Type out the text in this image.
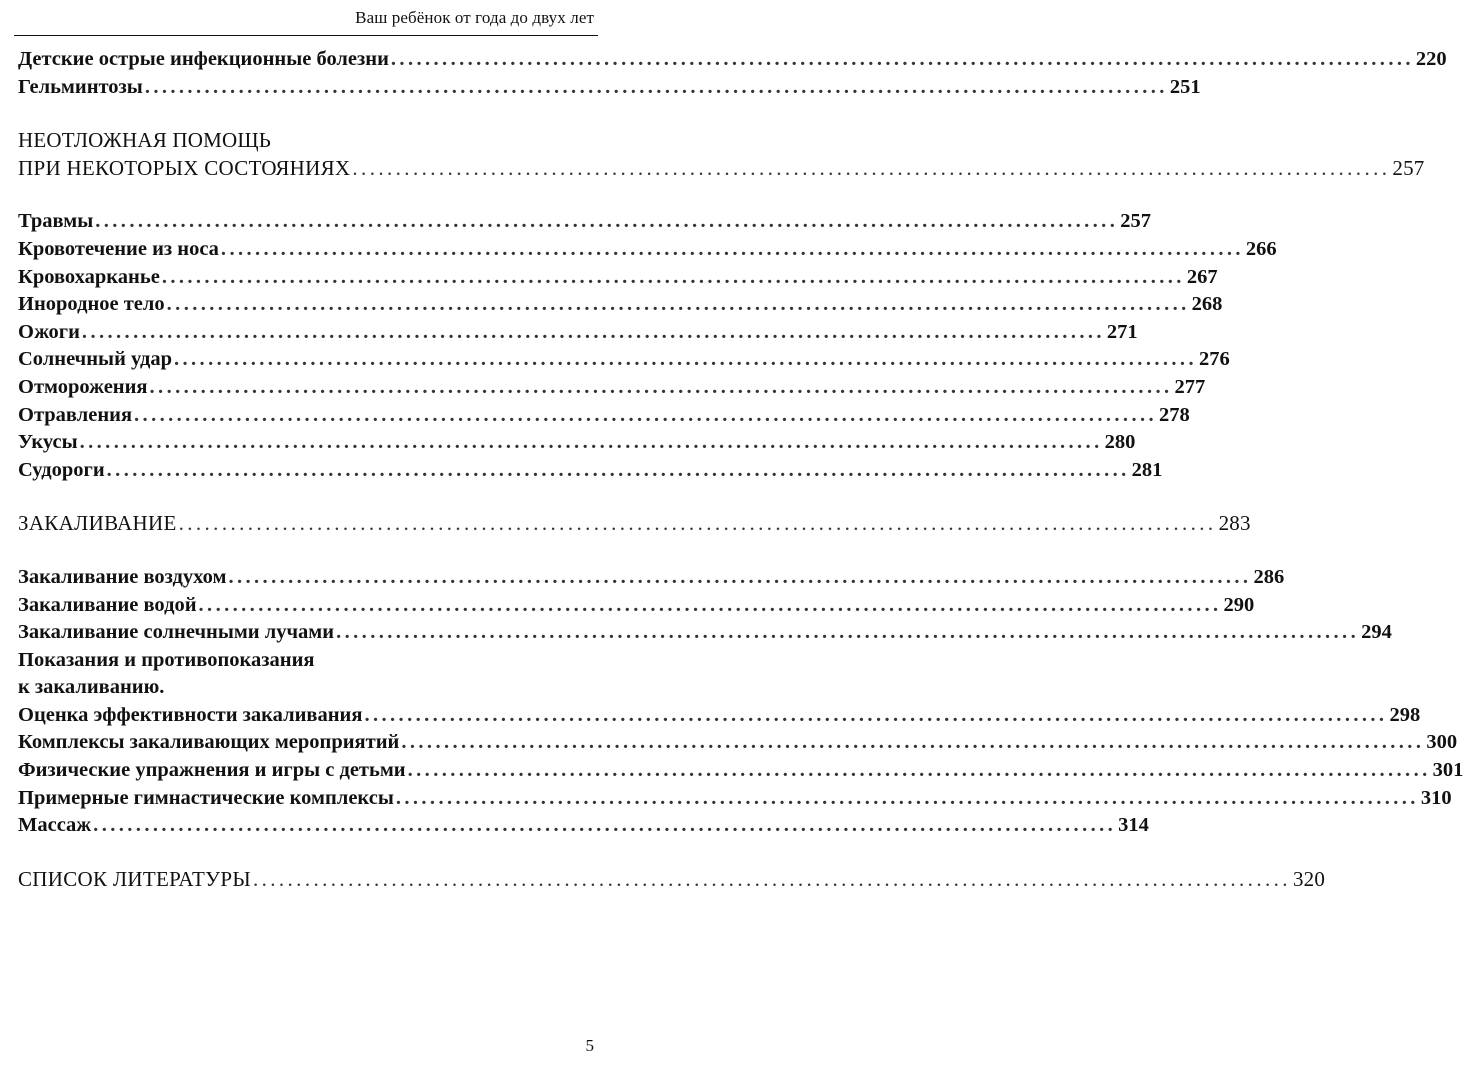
Ваш ребёнок от года до двух лет
Детские острые инфекционные болезни ........................................................................................................................ 220
Гельминтозы ........................................................................................................................ 251
НЕОТЛОЖНАЯ ПОМОЩЬ
ПРИ НЕКОТОРЫХ СОСТОЯНИЯХ ........................................................................................................................ 257
Травмы ........................................................................................................................ 257
Кровотечение из носа ........................................................................................................................ 266
Кровохарканье ........................................................................................................................ 267
Инородное тело ........................................................................................................................ 268
Ожоги ........................................................................................................................ 271
Солнечный удар ........................................................................................................................ 276
Отморожения ........................................................................................................................ 277
Отравления ........................................................................................................................ 278
Укусы ........................................................................................................................ 280
Судороги ........................................................................................................................ 281
ЗАКАЛИВАНИЕ ........................................................................................................................ 283
Закаливание воздухом ........................................................................................................................ 286
Закаливание водой ........................................................................................................................ 290
Закаливание солнечными лучами ........................................................................................................................ 294
Показания и противопоказания
к закаливанию.
Оценка эффективности закаливания ........................................................................................................................ 298
Комплексы закаливающих мероприятий ........................................................................................................................ 300
Физические упражнения и игры с детьми ........................................................................................................................ 301
Примерные гимнастические комплексы ........................................................................................................................ 310
Массаж ........................................................................................................................ 314
СПИСОК ЛИТЕРАТУРЫ ........................................................................................................................ 320
5
